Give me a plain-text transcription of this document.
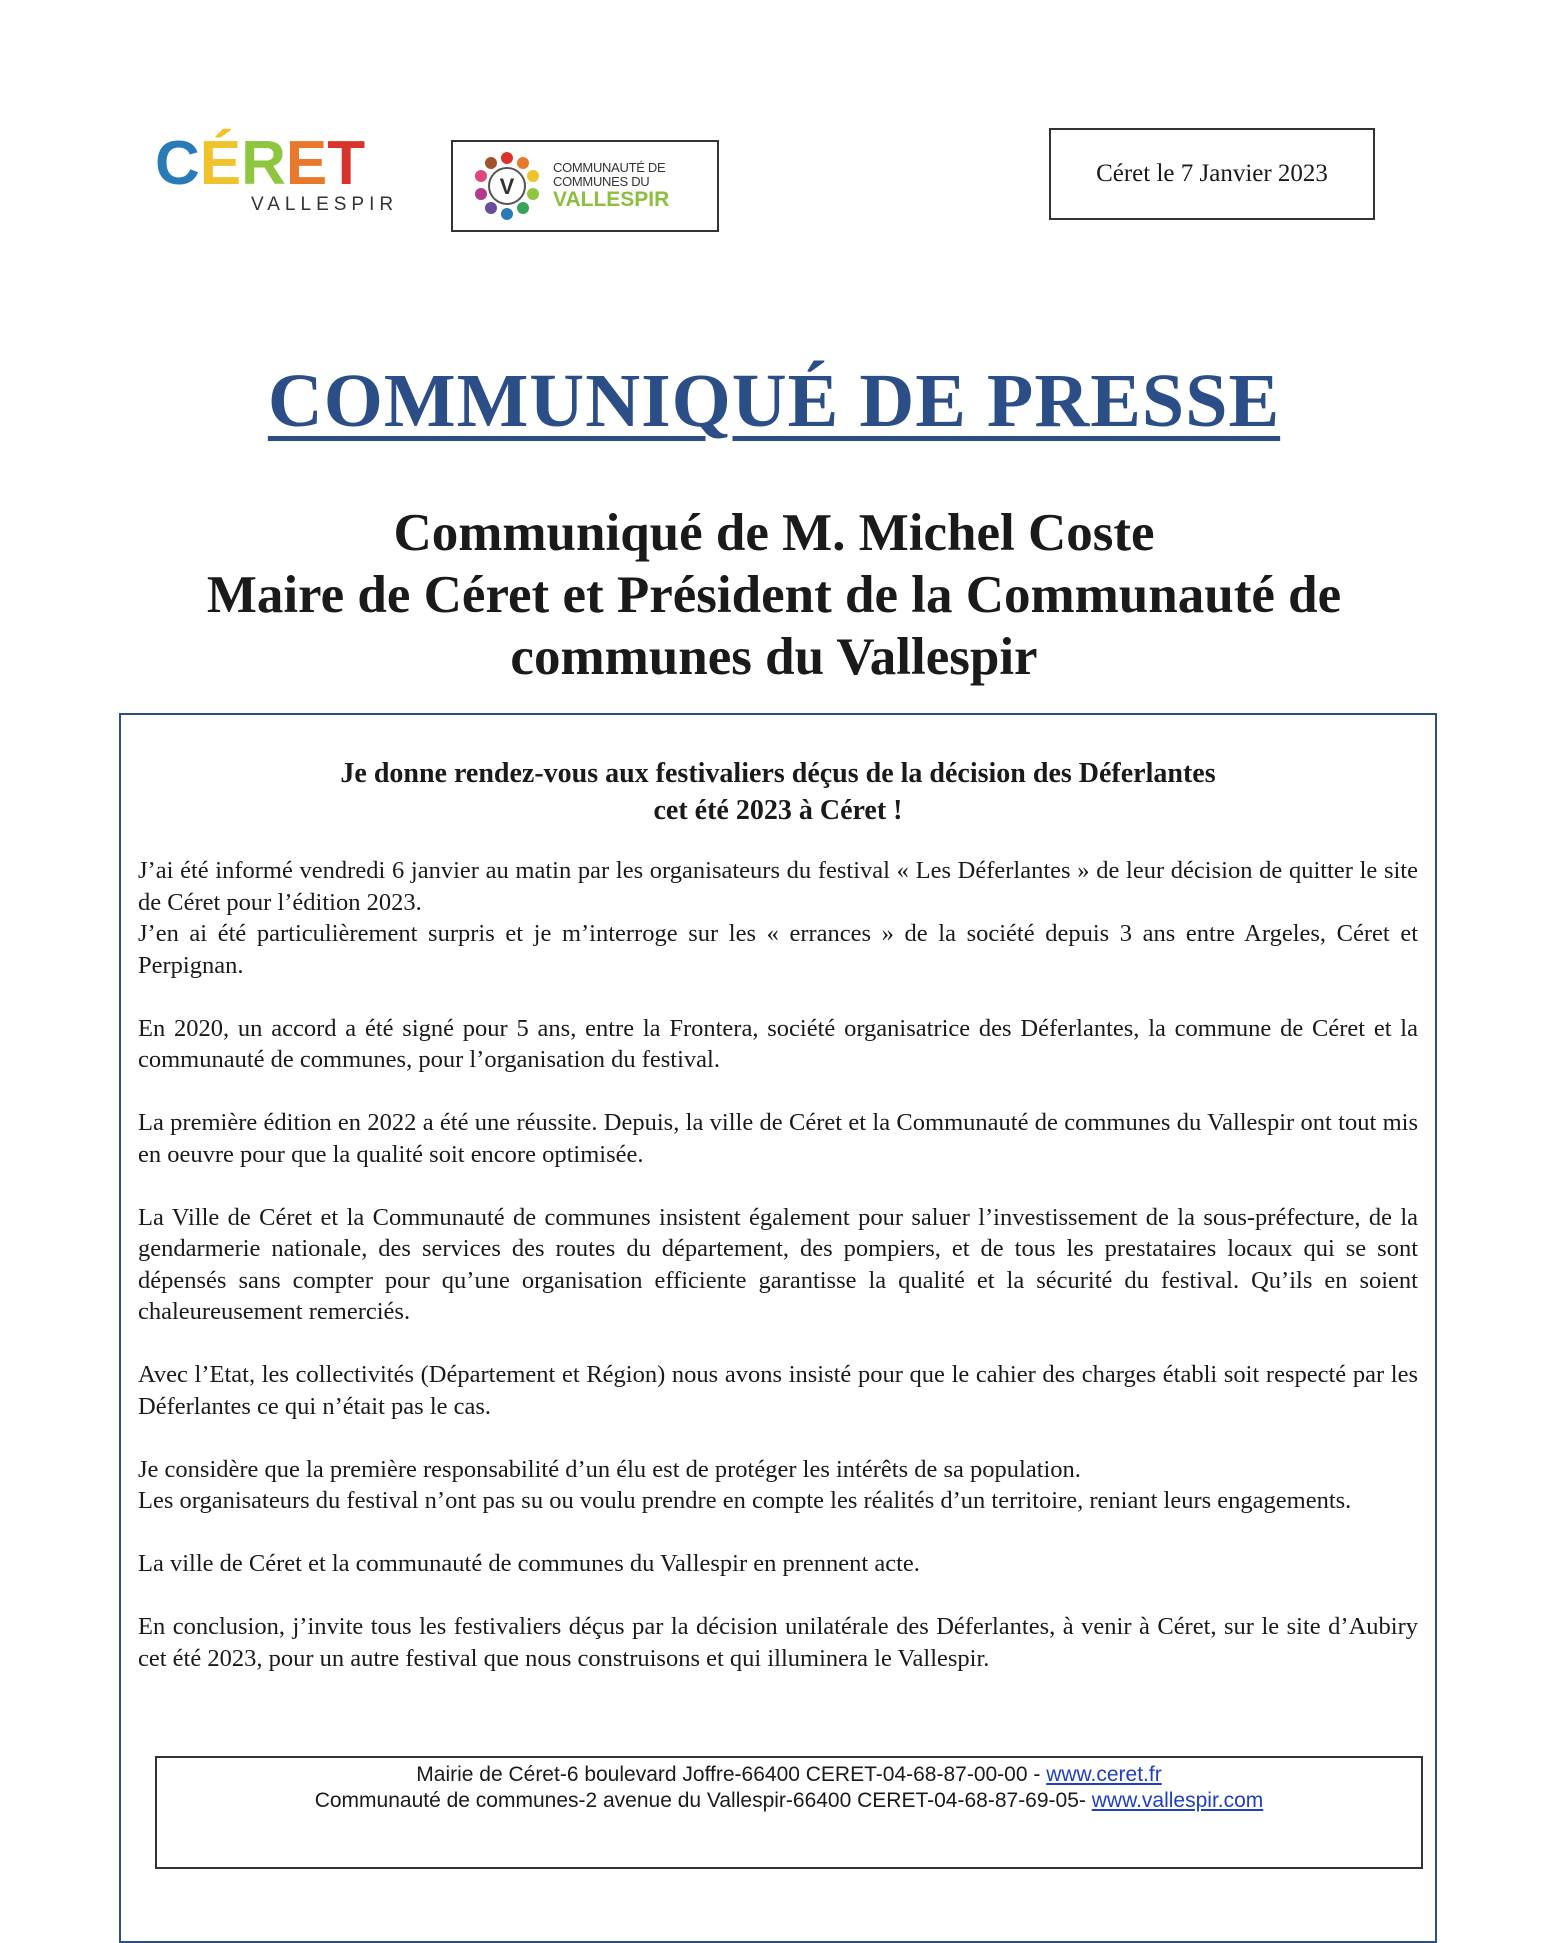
C É R E T
VALLESPIR
V
COMMUNAUTÉ DE
COMMUNES DU
VALLESPIR
Céret le 7 Janvier 2023
COMMUNIQUÉ DE PRESSE
Communiqué de M. Michel Coste
Maire de Céret et Président de la Communauté de
communes du Vallespir
Je donne rendez-vous aux festivaliers déçus de la décision des Déferlantes
cet été 2023 à Céret !

J’ai été informé vendredi 6 janvier au matin par les organisateurs du festival « Les Déferlantes » de leur décision de quitter le site de Céret pour l’édition 2023.
J’en ai été particulièrement surpris et je m’interroge sur les « errances » de la société depuis 3 ans entre Argeles, Céret et Perpignan.

En 2020, un accord a été signé pour 5 ans, entre la Frontera, société organisatrice des Déferlantes, la commune de Céret et la communauté de communes, pour l’organisation du festival.

La première édition en 2022 a été une réussite. Depuis, la ville de Céret et la Communauté de communes du Vallespir ont tout mis en oeuvre pour que la qualité soit encore optimisée.

La Ville de Céret et la Communauté de communes insistent également pour saluer l’investissement de la sous-préfecture, de la gendarmerie nationale, des services des routes du département, des pompiers, et de tous les prestataires locaux qui se sont dépensés sans compter pour qu’une organisation efficiente garantisse la qualité et la sécurité du festival. Qu’ils en soient chaleureusement remerciés.

Avec l’Etat, les collectivités (Département et Région) nous avons insisté pour que le cahier des charges établi soit respecté par les Déferlantes ce qui n’était pas le cas.

Je considère que la première responsabilité d’un élu est de protéger les intérêts de sa population.
Les organisateurs du festival n’ont pas su ou voulu prendre en compte les réalités d’un territoire, reniant leurs engagements.

La ville de Céret et la communauté de communes du Vallespir en prennent acte.

En conclusion, j’invite tous les festivaliers déçus par la décision unilatérale des Déferlantes, à venir à Céret, sur le site d’Aubiry cet été 2023, pour un autre festival que nous construisons et qui illuminera le Vallespir.

Mairie de Céret-6 boulevard Joffre-66400 CERET-04-68-87-00-00 - www.ceret.fr
Communauté de communes-2 avenue du Vallespir-66400 CERET-04-68-87-69-05- www.vallespir.com
